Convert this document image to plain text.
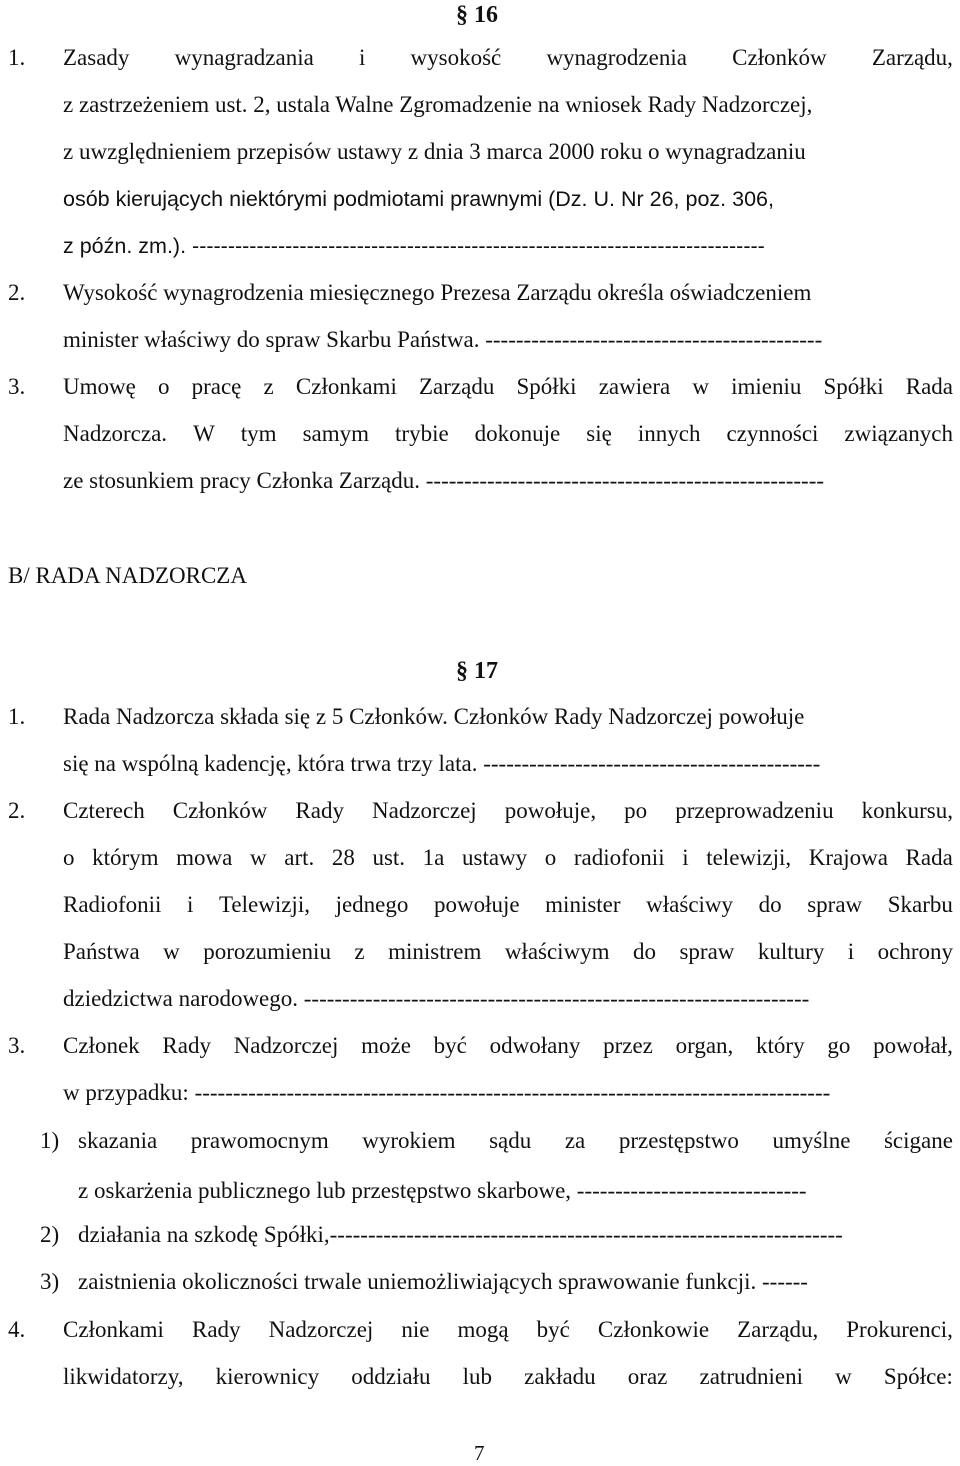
§ 16
1. Zasady wynagradzania i wysokość wynagrodzenia Członków Zarządu,
z zastrzeżeniem ust. 2, ustala Walne Zgromadzenie na wniosek Rady Nadzorczej,
z uwzględnieniem przepisów ustawy z dnia 3 marca 2000 roku o wynagradzaniu
osób kierujących niektórymi podmiotami prawnymi (Dz. U. Nr 26, poz. 306,
z późn. zm.). --------------------------------------------------------------------------------
2. Wysokość wynagrodzenia miesięcznego Prezesa Zarządu określa oświadczeniem
minister właściwy do spraw Skarbu Państwa. --------------------------------------------
3. Umowę o pracę z Członkami Zarządu Spółki zawiera w imieniu Spółki Rada
Nadzorcza. W tym samym trybie dokonuje się innych czynności związanych
ze stosunkiem pracy Członka Zarządu. ----------------------------------------------------
B/ RADA NADZORCZA
§ 17
1. Rada Nadzorcza składa się z 5 Członków. Członków Rady Nadzorczej powołuje
się na wspólną kadencję, która trwa trzy lata. --------------------------------------------
2. Czterech Członków Rady Nadzorczej powołuje, po przeprowadzeniu konkursu,
o którym mowa w art. 28 ust. 1a ustawy o radiofonii i telewizji, Krajowa Rada
Radiofonii i Telewizji, jednego powołuje minister właściwy do spraw Skarbu
Państwa w porozumieniu z ministrem właściwym do spraw kultury i ochrony
dziedzictwa narodowego. ------------------------------------------------------------------
3. Członek Rady Nadzorczej może być odwołany przez organ, który go powołał,
w przypadku: -----------------------------------------------------------------------------------
1) skazania prawomocnym wyrokiem sądu za przestępstwo umyślne ścigane
z oskarżenia publicznego lub przestępstwo skarbowe, ------------------------------
2) działania na szkodę Spółki,-------------------------------------------------------------------
3) zaistnienia okoliczności trwale uniemożliwiających sprawowanie funkcji. ------
4. Członkami Rady Nadzorczej nie mogą być Członkowie Zarządu, Prokurenci,
likwidatorzy, kierownicy oddziału lub zakładu oraz zatrudnieni w Spółce:
7
